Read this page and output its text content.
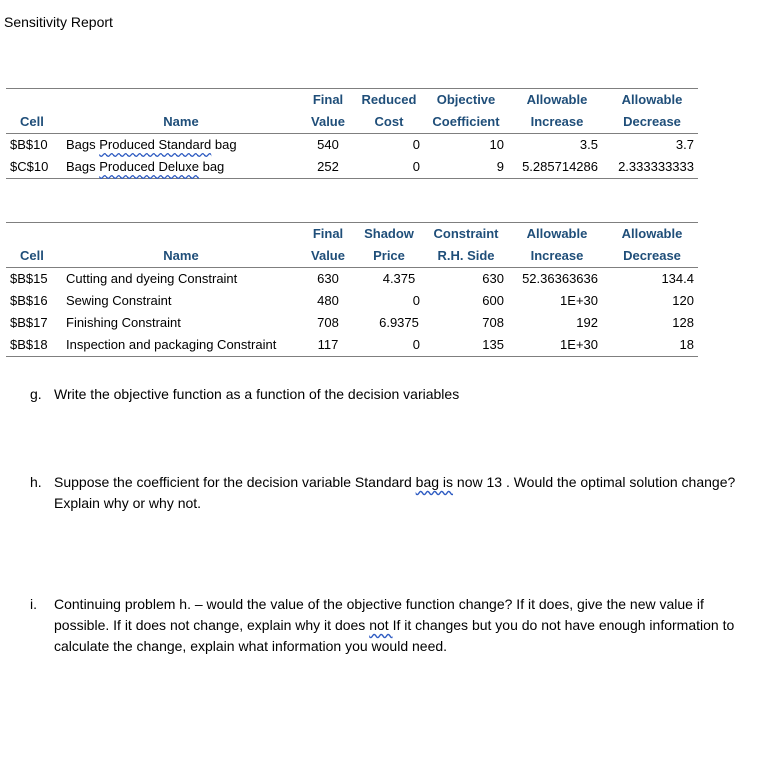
Sensitivity Report
Final	Reduced	Objective	Allowable	Allowable
Cell	Name	Value	Cost	Coefficient	Increase	Decrease
$B$10 Bags Produced Standard bag	540	0	10	3.5	3.7
$C$10 Bags Produced Deluxe bag	252	0	9	5.285714286	2.333333333
Final	Shadow	Constraint	Allowable	Allowable
Cell	Name	Value	Price	R.H. Side	Increase	Decrease
$B$15 Cutting and dyeing Constraint	630	4.375	630	52.36363636	134.4
$B$16 Sewing Constraint	480	0	600	1E+30	120
$B$17 Finishing Constraint	708	6.9375	708	192	128
$B$18 Inspection and packaging Constraint	117	0	135	1E+30	18
g. Write the objective function as a function of the decision variables
h. Suppose the coefficient for the decision variable Standard bag is now 13 . Would the optimal solution change?
Explain why or why not.
i. Continuing problem h. – would the value of the objective function change? If it does, give the new value if
possible. If it does not change, explain why it does not If it changes but you do not have enough information to
calculate the change, explain what information you would need.
